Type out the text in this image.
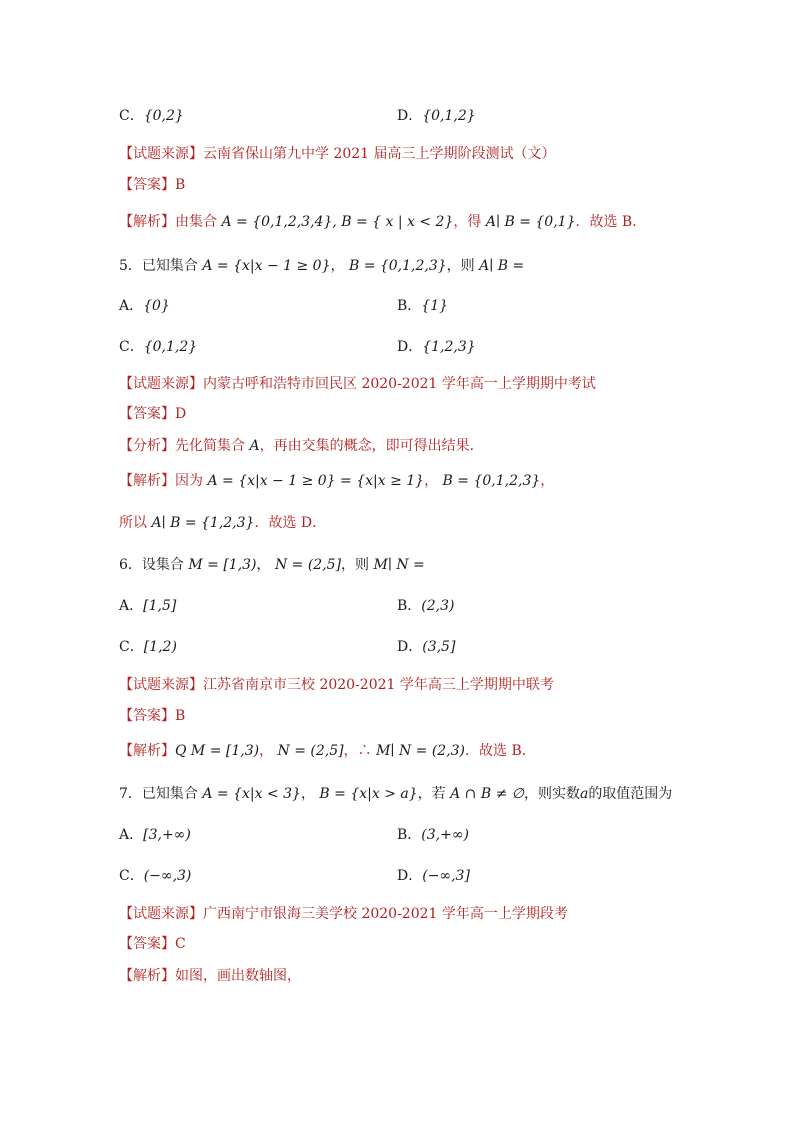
C．{0,2}	D．{0,1,2}
【试题来源】云南省保山第九中学 2021 届高三上学期阶段测试（文）
【答案】B
【解析】由集合 A = {0,1,2,3,4}, B = { x | x < 2}，得 A∣ B = {0,1}．故选 B．
5．已知集合 A = {x|x − 1 ≥ 0}， B = {0,1,2,3}，则 A∣ B =
A．{0}	B．{1}
C．{0,1,2}	D．{1,2,3}
【试题来源】内蒙古呼和浩特市回民区 2020-2021 学年高一上学期期中考试
【答案】D
【分析】先化简集合 A，再由交集的概念，即可得出结果．
【解析】因为 A = {x|x − 1 ≥ 0} = {x|x ≥ 1}， B = {0,1,2,3}，
所以 A∣ B = {1,2,3}．故选 D．
6．设集合 M = [1,3)， N = (2,5]，则 M∣ N =
A．[1,5]	B．(2,3)
C．[1,2)	D．(3,5]
【试题来源】江苏省南京市三校 2020-2021 学年高三上学期期中联考
【答案】B
【解析】Q M = [1,3)， N = (2,5]，∴ M∣ N = (2,3)．故选 B．
7．已知集合 A = {x|x < 3}， B = {x|x > a}，若 A ∩ B ≠ ∅，则实数a的取值范围为
A．[3,+∞)	B．(3,+∞)
C．(−∞,3)	D．(−∞,3]
【试题来源】广西南宁市银海三美学校 2020-2021 学年高一上学期段考
【答案】C
【解析】如图，画出数轴图，
